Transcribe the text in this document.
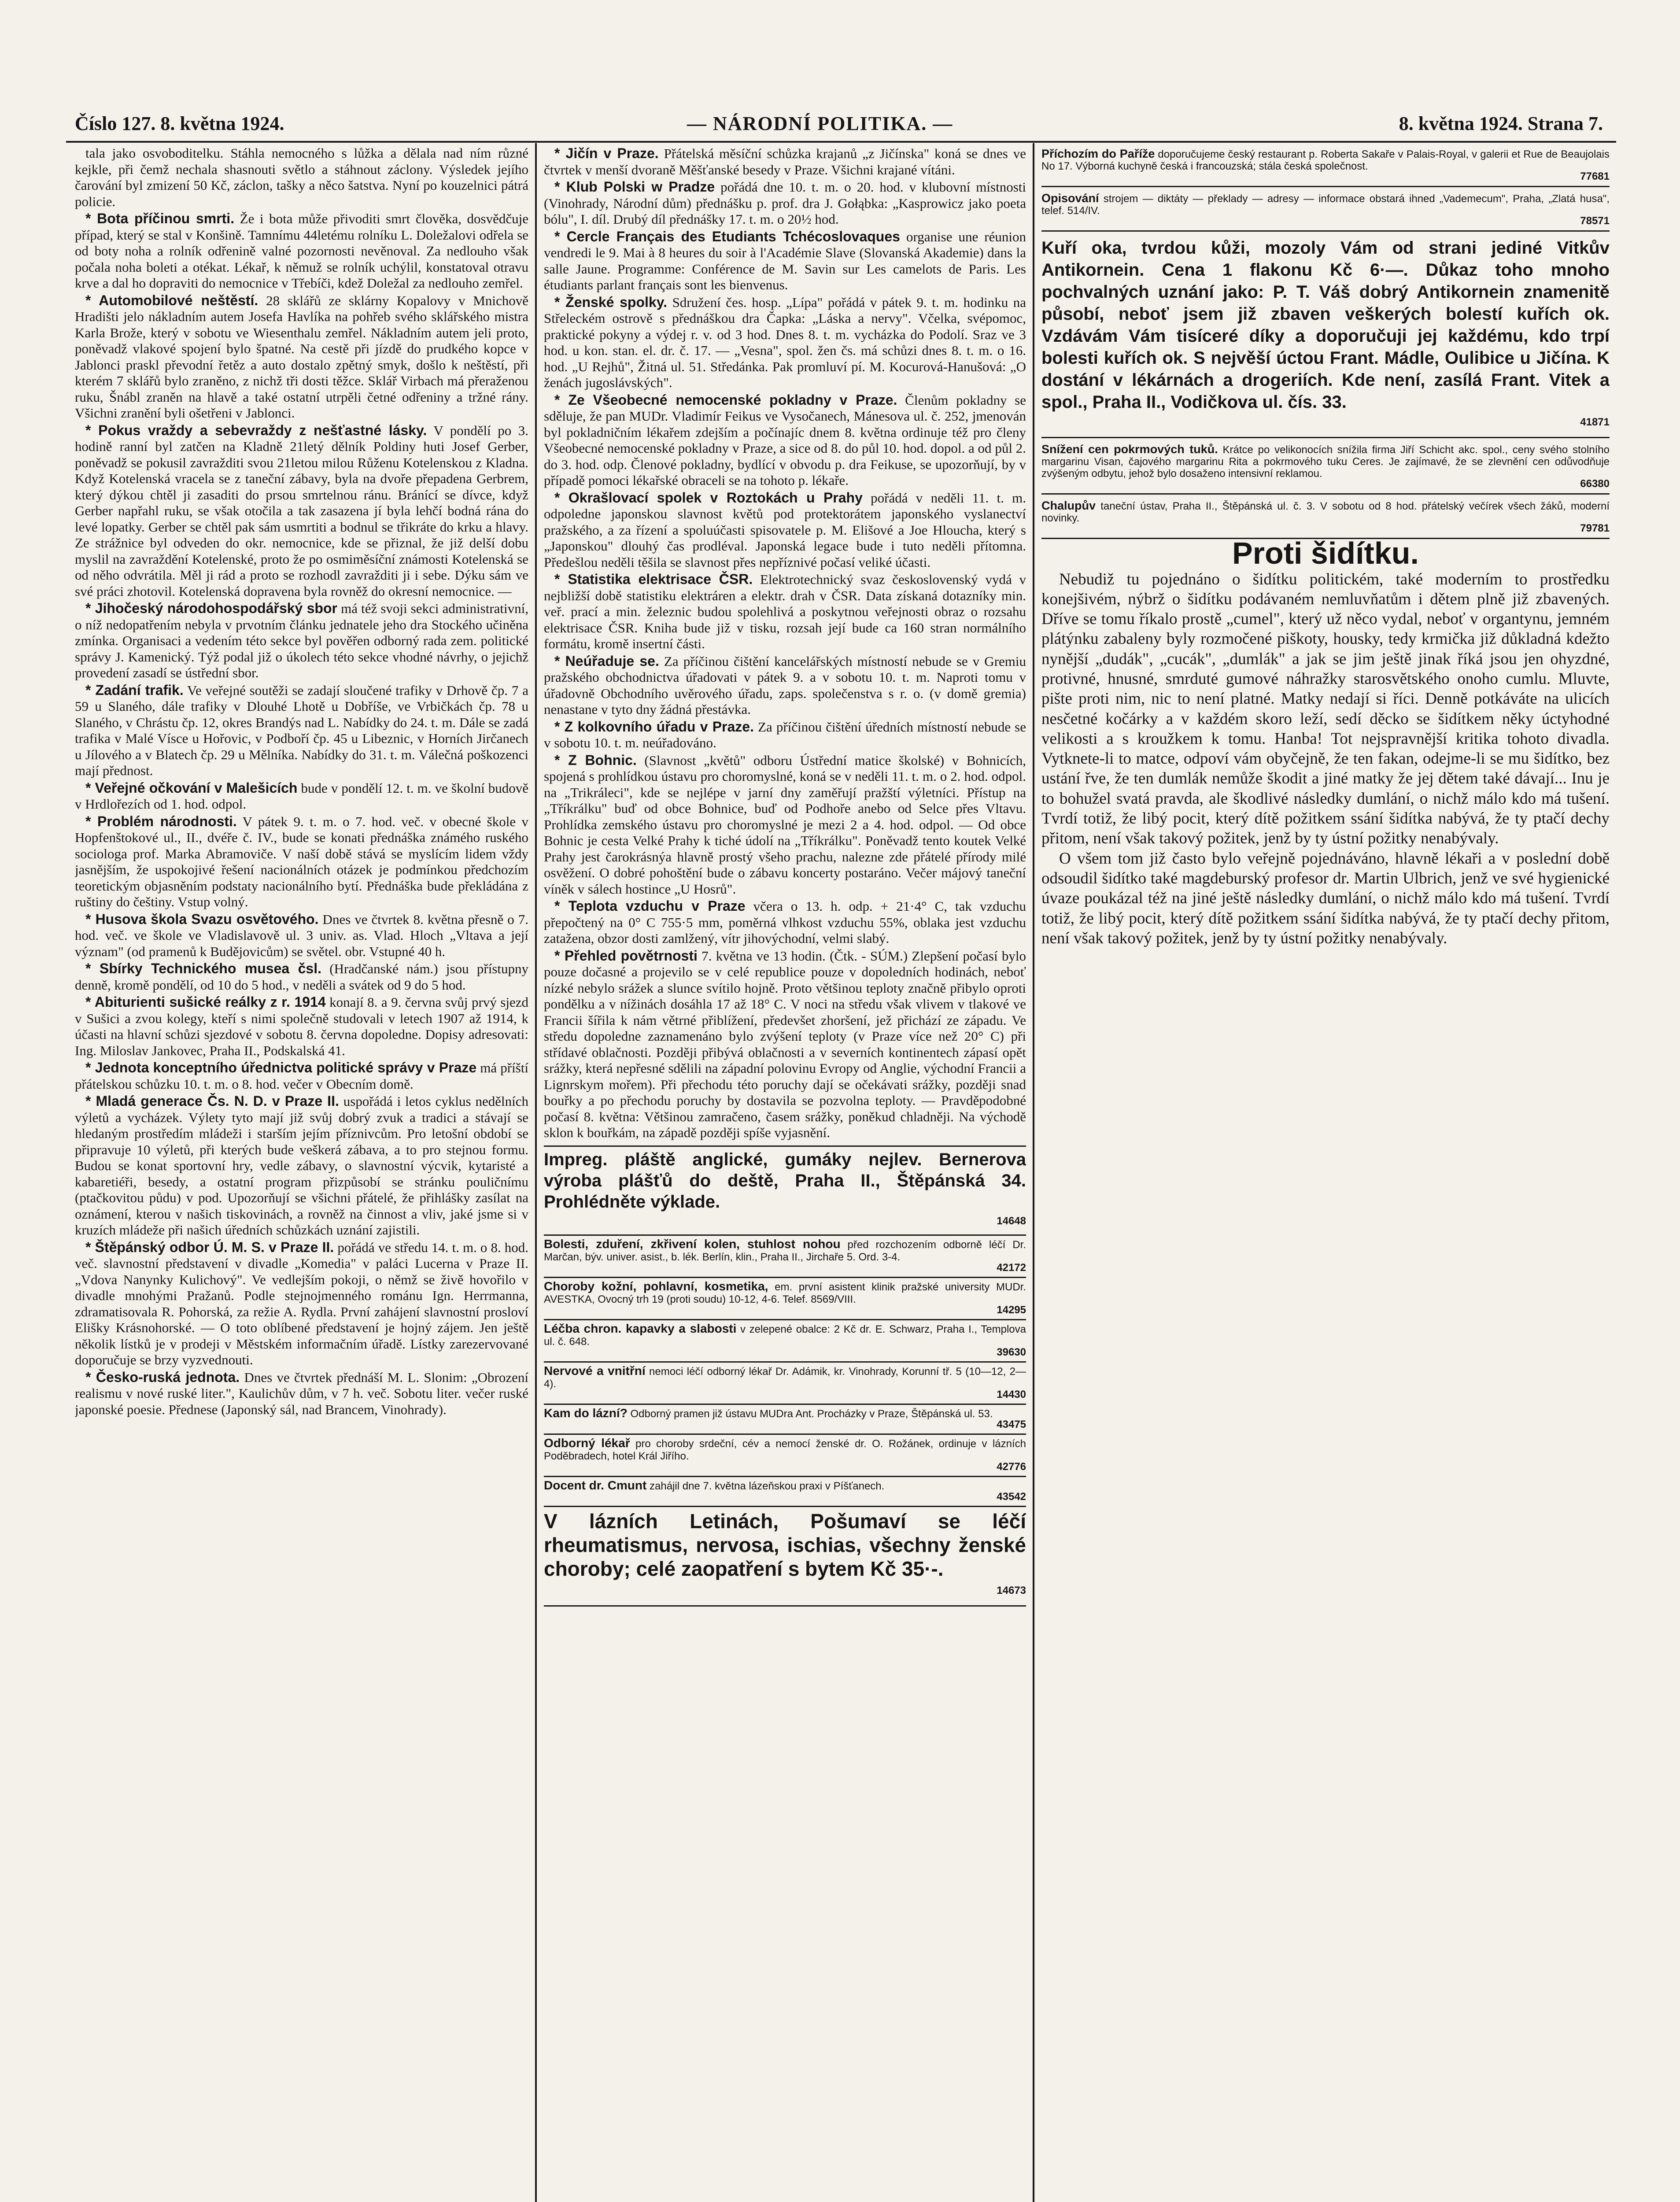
Číslo 127. 8. května 1924.	— NÁRODNÍ POLITIKA. —	8. května 1924. Strana 7.

tala jako osvoboditelku. Stáhla nemocného s lůžka a dělala nad ním různé kejkle, při čemž nechala shasnouti světlo a stáhnout záclony. Výsledek jejího čarování byl zmizení 50 Kč, záclon, tašky a něco šatstva. Nyní po kouzelnici pátrá policie.

* Bota příčinou smrti. Že i bota může přivoditi smrt člověka, dosvědčuje případ, který se stal v Konšině. Tamnímu 44letému rolníku L. Doležalovi odřela se od boty noha a rolník odřenině valné pozornosti nevěnoval. Za nedlouho však počala noha boleti a otékat. Lékař, k němuž se rolník uchýlil, konstatoval otravu krve a dal ho dopraviti do nemocnice v Třebíči, kdež Doležal za nedlouho zemřel.

* Automobilové neštěstí. 28 sklářů ze sklárny Kopalovy v Mnichově Hradišti jelo nákladním autem Josefa Havlíka na pohřeb svého sklářského mistra Karla Brože, který v sobotu ve Wiesenthalu zemřel. Nákladním autem jeli proto, poněvadž vlakové spojení bylo špatné. Na cestě při jízdě do prudkého kopce v Jablonci praskl převodní řetěz a auto dostalo zpětný smyk, došlo k neštěstí, při kterém 7 sklářů bylo zraněno, z nichž tři dosti těžce. Sklář Virbach má přeraženou ruku, Šnábl zraněn na hlavě a také ostatní utrpěli četné odřeniny a tržné rány. Všichni zranění byli ošetřeni v Jablonci.

* Pokus vraždy a sebevraždy z nešťastné lásky. V pondělí po 3. hodině ranní byl zatčen na Kladně 21letý dělník Poldiny huti Josef Gerber, poněvadž se pokusil zavražditi svou 21letou milou Růženu Kotelenskou z Kladna. Když Kotelenská vracela se z taneční zábavy, byla na dvoře přepadena Gerbrem, který dýkou chtěl ji zasaditi do prsou smrtelnou ránu. Bránící se dívce, když Gerber napřahl ruku, se však otočila a tak zasazena jí byla lehčí bodná rána do levé lopatky. Gerber se chtěl pak sám usmrtiti a bodnul se třikráte do krku a hlavy. Ze strážnice byl odveden do okr. nemocnice, kde se přiznal, že již delší dobu myslil na zavraždění Kotelenské, proto že po osmiměsíční známosti Kotelenská se od něho odvrátila. Měl ji rád a proto se rozhodl zavražditi ji i sebe. Dýku sám ve své práci zhotovil. Kotelenská dopravena byla rovněž do okresní nemocnice. —

* Jihočeský národohospodářský sbor má též svoji sekci administrativní, o níž nedopatřením nebyla v prvotním článku jednatele jeho dra Stockého učiněna zmínka. Organisaci a vedením této sekce byl pověřen odborný rada zem. politické správy J. Kamenický. Týž podal již o úkolech této sekce vhodné návrhy, o jejichž provedení zasadí se ústřední sbor.

* Zadání trafik. Ve veřejné soutěži se zadají sloučené trafiky v Drhově čp. 7 a 59 u Slaného, dále trafiky v Dlouhé Lhotě u Dobříše, ve Vrbičkách čp. 78 u Slaného, v Chrástu čp. 12, okres Brandýs nad L. Nabídky do 24. t. m. Dále se zadá trafika v Malé Vísce u Hořovic, v Podboří čp. 45 u Libeznic, v Horních Jirčanech u Jílového a v Blatech čp. 29 u Mělníka. Nabídky do 31. t. m. Válečná poškozenci mají přednost.

* Veřejné očkování v Malešicích bude v pondělí 12. t. m. ve školní budově v Hrdlořezích od 1. hod. odpol.

* Problém národnosti. V pátek 9. t. m. o 7. hod. več. v obecné škole v Hopfenštokové ul., II., dvéře č. IV., bude se konati přednáška známého ruského sociologa prof. Marka Abramoviče. V naší době stává se myslícím lidem vždy jasnějším, že uspokojivé řešení nacionálních otázek je podmínkou předchozím teoretickým objasněním podstaty nacionálního bytí. Přednáška bude překládána z ruštiny do češtiny. Vstup volný.

* Husova škola Svazu osvětového. Dnes ve čtvrtek 8. května přesně o 7. hod. več. ve škole ve Vladislavově ul. 3 univ. as. Vlad. Hloch „Vltava a její význam" (od pramenů k Budějovicům) se světel. obr. Vstupné 40 h.

* Sbírky Technického musea čsl. (Hradčanské nám.) jsou přístupny denně, kromě pondělí, od 10 do 5 hod., v neděli a svátek od 9 do 5 hod.

* Abiturienti sušické reálky z r. 1914 konají 8. a 9. června svůj prvý sjezd v Sušici a zvou kolegy, kteří s nimi společně studovali v letech 1907 až 1914, k účasti na hlavní schůzi sjezdové v sobotu 8. června dopoledne. Dopisy adresovati: Ing. Miloslav Jankovec, Praha II., Podskalská 41.

* Jednota konceptního úřednictva politické správy v Praze má příští přátelskou schůzku 10. t. m. o 8. hod. večer v Obecním domě.

* Mladá generace Čs. N. D. v Praze II. uspořádá i letos cyklus nedělních výletů a vycházek. Výlety tyto mají již svůj dobrý zvuk a tradici a stávají se hledaným prostředím mládeži i starším jejím příznivcům. Pro letošní období se připravuje 10 výletů, při kterých bude veškerá zábava, a to pro stejnou formu. Budou se konat sportovní hry, vedle zábavy, o slavnostní výcvik, kytaristé a kabaretiéři, besedy, a ostatní program přizpůsobí se stránku pouličnímu (ptačkovitou půdu) v pod. Upozorňují se všichni přátelé, že přihlášky zasílat na oznámení, kterou v našich tiskovinách, a rovněž na činnost a vliv, jaké jsme si v kruzích mládeže při našich úředních schůzkách uznání zajistili.

* Štěpánský odbor Ú. M. S. v Praze II. pořádá ve středu 14. t. m. o 8. hod. več. slavnostní představení v divadle „Komedia" v paláci Lucerna v Praze II. „Vdova Nanynky Kulichový". Ve vedlejším pokoji, o němž se živě hovořilo v divadle mnohými Pražanů. Podle stejnojmenného románu Ign. Herrmanna, zdramatisovala R. Pohorská, za režie A. Rydla. První zahájení slavnostní prosloví Elišky Krásnohorské. — O toto oblíbené představení je hojný zájem. Jen ještě několik lístků je v prodeji v Městském informačním úřadě. Lístky zarezervované doporučuje se brzy vyzvednouti.

* Česko-ruská jednota. Dnes ve čtvrtek přednáší M. L. Slonim: „Obrození realismu v nové ruské liter.", Kaulichův dům, v 7 h. več. Sobotu liter. večer ruské japonské poesie. Přednese (Japonský sál, nad Brancem, Vinohrady).

* Jičín v Praze. Přátelská měsíční schůzka krajanů „z Jičínska" koná se dnes ve čtvrtek v menší dvoraně Měšťanské besedy v Praze. Všichni krajané vítáni.

* Klub Polski w Pradze pořádá dne 10. t. m. o 20. hod. v klubovní místnosti (Vinohrady, Národní dům) přednášku p. prof. dra J. Gołąbka: „Kasprowicz jako poeta bólu", I. díl. Drubý díl přednášky 17. t. m. o 20½ hod.

* Cercle Français des Etudiants Tchécoslovaques organise une réunion vendredi le 9. Mai à 8 heures du soir à l'Académie Slave (Slovanská Akademie) dans la salle Jaune. Programme: Conférence de M. Savin sur Les camelots de Paris. Les étudiants parlant français sont les bienvenus.

* Ženské spolky. Sdružení čes. hosp. „Lípa" pořádá v pátek 9. t. m. hodinku na Střeleckém ostrově s přednáškou dra Čapka: „Láska a nervy". Včelka, svépomoc, praktické pokyny a výdej r. v. od 3 hod. Dnes 8. t. m. vycházka do Podolí. Sraz ve 3 hod. u kon. stan. el. dr. č. 17. — „Vesna", spol. žen čs. má schůzi dnes 8. t. m. o 16. hod. „U Rejhů", Žitná ul. 51. Středánka. Pak promluví pí. M. Kocurová-Hanušová: „O ženách jugoslávských".

* Ze Všeobecné nemocenské pokladny v Praze. Členům pokladny se sděluje, že pan MUDr. Vladimír Feikus ve Vysočanech, Mánesova ul. č. 252, jmenován byl pokladničním lékařem zdejším a počínajíc dnem 8. května ordinuje též pro členy Všeobecné nemocenské pokladny v Praze, a sice od 8. do půl 10. hod. dopol. a od půl 2. do 3. hod. odp. Členové pokladny, bydlící v obvodu p. dra Feikuse, se upozorňují, by v případě pomoci lékařské obraceli se na tohoto p. lékaře.

* Okrašlovací spolek v Roztokách u Prahy pořádá v neděli 11. t. m. odpoledne japonskou slavnost květů pod protektorátem japonského vyslanectví pražského, a za řízení a spoluúčasti spisovatele p. M. Elišové a Joe Hloucha, který s „Japonskou" dlouhý čas prodléval. Japonská legace bude i tuto neděli přítomna. Předešlou neděli těšila se slavnost přes nepříznivé počasí veliké účasti.

* Statistika elektrisace ČSR. Elektrotechnický svaz československý vydá v nejbližší době statistiku elektráren a elektr. drah v ČSR. Data získaná dotazníky min. veř. prací a min. železnic budou spolehlivá a poskytnou veřejnosti obraz o rozsahu elektrisace ČSR. Kniha bude již v tisku, rozsah její bude ca 160 stran normálního formátu, kromě insertní části.

* Neúřaduje se. Za příčinou čištění kancelářských místností nebude se v Gremiu pražského obchodnictva úřadovati v pátek 9. a v sobotu 10. t. m. Naproti tomu v úřadovně Obchodního uvěrového úřadu, zaps. společenstva s r. o. (v domě gremia) nenastane v tyto dny žádná přestávka.

* Z kolkovního úřadu v Praze. Za příčinou čištění úředních místností nebude se v sobotu 10. t. m. neúřadováno.

* Z Bohnic. (Slavnost „květů" odboru Ústřední matice školské) v Bohnicích, spojená s prohlídkou ústavu pro choromyslné, koná se v neděli 11. t. m. o 2. hod. odpol. na „Trikráleci", kde se nejlépe v jarní dny zaměřují pražští výletníci. Přístup na „Tříkrálku" buď od obce Bohnice, buď od Podhoře anebo od Selce přes Vltavu. Prohlídka zemského ústavu pro choromyslné je mezi 2 a 4. hod. odpol. — Od obce Bohnic je cesta Velké Prahy k tiché údolí na „Tříkrálku". Poněvadž tento koutek Velké Prahy jest čarokrásnýa hlavně prostý všeho prachu, nalezne zde přátelé přírody milé osvěžení. O dobré pohoštění bude o zábavu koncerty postaráno. Večer májový taneční víněk v sálech hostince „U Hosrů".

* Teplota vzduchu v Praze včera o 13. h. odp. + 21·4° C, tak vzduchu přepočtený na 0° C 755·5 mm, poměrná vlhkost vzduchu 55%, oblaka jest vzduchu zatažena, obzor dosti zamlžený, vítr jihovýchodní, velmi slabý.

* Přehled povětrnosti 7. května ve 13 hodin. (Čtk. - SÚM.) Zlepšení počasí bylo pouze dočasné a projevilo se v celé republice pouze v dopoledních hodinách, neboť nízké nebylo srážek a slunce svítilo hojně. Proto většinou teploty značně přibylo oproti pondělku a v nížinách dosáhla 17 až 18° C. V noci na středu však vlivem v tlakové ve Francii šířila k nám větrné přiblížení, předevšet zhoršení, jež přichází ze západu. Ve středu dopoledne zaznamenáno bylo zvýšení teploty (v Praze více než 20° C) při střídavé oblačnosti. Později přibývá oblačnosti a v severních kontinentech zápasí opět srážky, která nepřesné sdělili na západní polovinu Evropy od Anglie, východní Francii a Lignrskym mořem). Při přechodu této poruchy dají se očekávati srážky, později snad bouřky a po přechodu poruchy by dostavila se pozvolna teploty. — Pravděpodobné počasí 8. května: Většinou zamračeno, časem srážky, poněkud chladněji. Na východě sklon k bouřkám, na západě později spíše vyjasnění.

Impreg. pláště anglické, gumáky nejlev. Bernerova výroba plášťů do deště, Praha II., Štěpánská 34. Prohlédněte výklade.
14648
Bolesti, zduření, zkřivení kolen, stuhlost nohou před rozchozením odborně léčí Dr. Marčan, býv. univer. asist., b. lék. Berlín, klin., Praha II., Jirchaře 5. Ord. 3-4.
42172
Choroby kožní, pohlavní, kosmetika, em. první asistent klinik pražské university MUDr. AVESTKA, Ovocný trh 19 (proti soudu) 10-12, 4-6. Telef. 8569/VIII.
14295
Léčba chron. kapavky a slabosti v zelepené obalce: 2 Kč dr. E. Schwarz, Praha I., Templova ul. č. 648.
39630
Nervové a vnitřní nemoci léčí odborný lékař Dr. Adámik, kr. Vinohrady, Korunní tř. 5 (10—12, 2—4).
14430
Kam do lázní? Odborný pramen již ústavu MUDra Ant. Procházky v Praze, Štěpánská ul. 53.
43475
Odborný lékař pro choroby srdeční, cév a nemocí ženské dr. O. Rožánek, ordinuje v lázních Poděbradech, hotel Král Jiřího.
42776
Docent dr. Cmunt zahájil dne 7. května lázeňskou praxi v Píšťanech.
43542
V lázních Letinách, Pošumaví se léčí rheumatismus, nervosa, ischias, všechny ženské choroby; celé zaopatření s bytem Kč 35·-.
14673
Příchozím do Paříže doporučujeme český restaurant p. Roberta Sakaře v Palais-Royal, v galerii et Rue de Beaujolais No 17. Výborná kuchyně česká i francouzská; stála česká společnost.
77681
Opisování strojem — diktáty — překlady — adresy — informace obstará ihned „Vademecum", Praha, „Zlatá husa", telef. 514/IV.
78571
Kuří oka, tvrdou kůži, mozoly Vám od strani jediné Vitkův Antikornein. Cena 1 flakonu Kč 6·—. Důkaz toho mnoho pochvalných uznání jako: P. T. Váš dobrý Antikornein znamenitě působí, neboť jsem již zbaven veškerých bolestí kuřích ok. Vzdávám Vám tisíceré díky a doporučuji jej každému, kdo trpí bolesti kuřích ok. S nejvěší úctou Frant. Mádle, Oulibice u Jičína. K dostání v lékárnách a drogeriích. Kde není, zasílá Frant. Vitek a spol., Praha II., Vodičkova ul. čís. 33.
41871
Snížení cen pokrmových tuků. Krátce po velikonocích snížila firma Jiří Schicht akc. spol., ceny svého stolního margarinu Visan, čajového margarinu Rita a pokrmového tuku Ceres. Je zajímavé, že se zlevnění cen odůvodňuje zvýšeným odbytu, jehož bylo dosaženo intensivní reklamou.
66380
Chalupův taneční ústav, Praha II., Štěpánská ul. č. 3. V sobotu od 8 hod. přátelský večírek všech žáků, moderní novinky.
79781
Proti šidítku.

Nebudiž tu pojednáno o šidítku politickém, také moderním to prostředku konejšivém, nýbrž o šidítku podávaném nemluvňatům i dětem plně již zbavených. Dříve se tomu říkalo prostě „cumel", který už něco vydal, neboť v organtynu, jemném plátýnku zabaleny byly rozmočené piškoty, housky, tedy krmička již důkladná kdežto nynější „dudák", „cucák", „dumlák" a jak se jim ještě jinak říká jsou jen ohyzdné, protivné, hnusné, smrduté gumové náhražky starosvětského onoho cumlu. Mluvte, pište proti nim, nic to není platné. Matky nedají si říci. Denně potkáváte na ulicích nesčetné kočárky a v každém skoro leží, sedí děcko se šidítkem něky úctyhodné velikosti a s kroužkem k tomu. Hanba! Tot nejspravnější kritika tohoto divadla. Vytknete-li to matce, odpoví vám obyčejně, že ten fakan, odejme-li se mu šidítko, bez ustání řve, že ten dumlák nemůže škodit a jiné matky že jej dětem také dávají... Inu je to bohužel svatá pravda, ale škodlivé následky dumlání, o nichž málo kdo má tušení. Tvrdí totiž, že libý pocit, který dítě požitkem ssání šidítka nabývá, že ty ptačí dechy přitom, není však takový požitek, jenž by ty ústní požitky nenabývaly.

O všem tom již často bylo veřejně pojednáváno, hlavně lékaři a v poslední době odsoudil šidítko také magdeburský profesor dr. Martin Ulbrich, jenž ve své hygienické úvaze poukázal též na jiné ještě následky dumlání, o nichž málo kdo má tušení. Tvrdí totiž, že libý pocit, který dítě požitkem ssání šidítka nabývá, že ty ptačí dechy přitom, není však takový požitek, jenž by ty ústní požitky nenabývaly.
